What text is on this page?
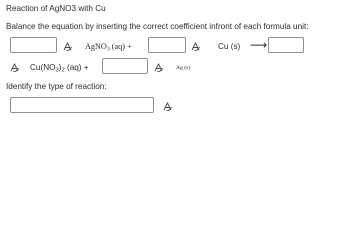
Reaction of AgNO3 with Cu
Balance the equation by inserting the correct coefficient infront of each formula unit:
AgNO$_3$ (aq) +	Cu (s) ⟶
$Cu(NO_3)_2$ (aq) +	Ag (s)
Identify the type of reaction:
